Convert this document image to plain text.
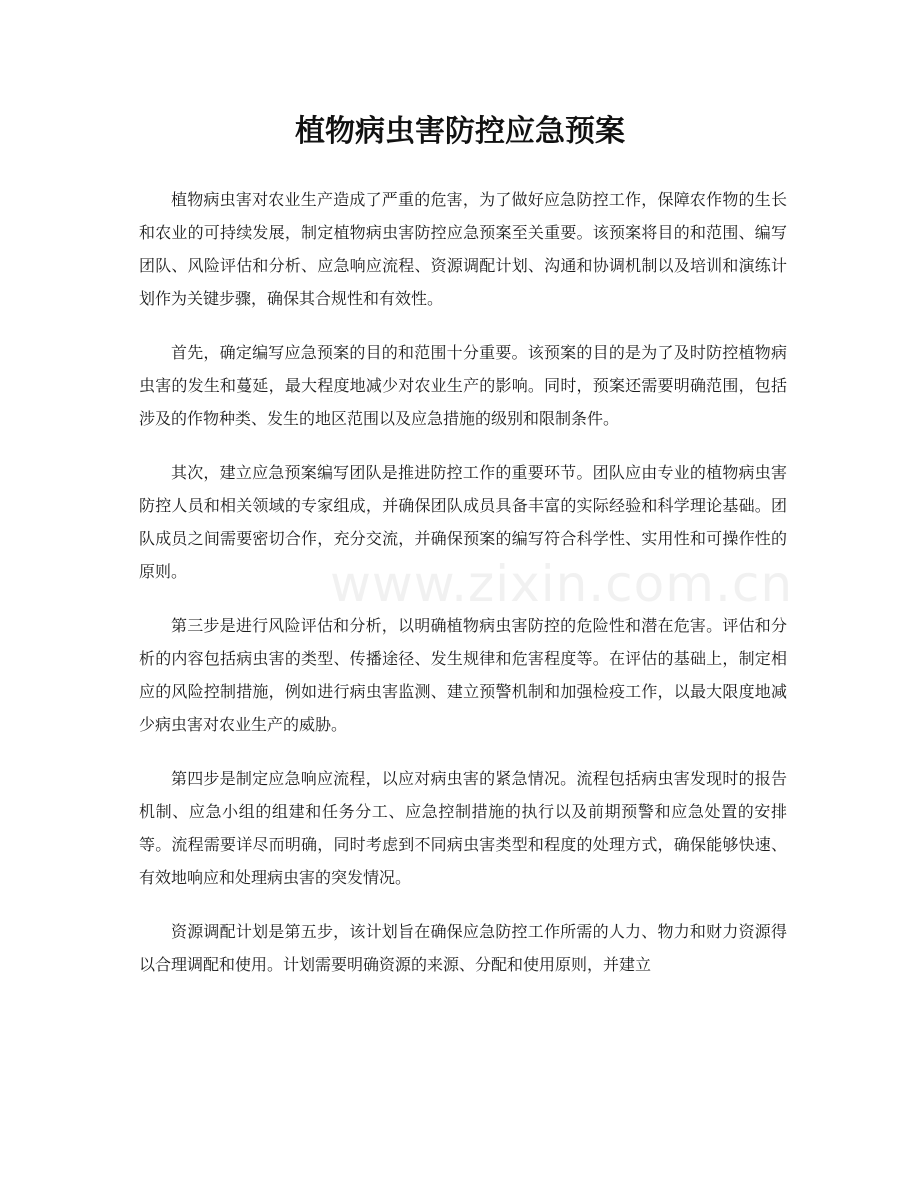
植物病虫害防控应急预案

植物病虫害对农业生产造成了严重的危害，为了做好应急防控工作，保障农作物的生长和农业的可持续发展，制定植物病虫害防控应急预案至关重要。该预案将目的和范围、编写团队、风险评估和分析、应急响应流程、资源调配计划、沟通和协调机制以及培训和演练计划作为关键步骤，确保其合规性和有效性。

首先，确定编写应急预案的目的和范围十分重要。该预案的目的是为了及时防控植物病虫害的发生和蔓延，最大程度地减少对农业生产的影响。同时，预案还需要明确范围，包括涉及的作物种类、发生的地区范围以及应急措施的级别和限制条件。

其次，建立应急预案编写团队是推进防控工作的重要环节。团队应由专业的植物病虫害防控人员和相关领域的专家组成，并确保团队成员具备丰富的实际经验和科学理论基础。团队成员之间需要密切合作，充分交流，并确保预案的编写符合科学性、实用性和可操作性的原则。

第三步是进行风险评估和分析，以明确植物病虫害防控的危险性和潜在危害。评估和分析的内容包括病虫害的类型、传播途径、发生规律和危害程度等。在评估的基础上，制定相应的风险控制措施，例如进行病虫害监测、建立预警机制和加强检疫工作，以最大限度地减少病虫害对农业生产的威胁。

第四步是制定应急响应流程，以应对病虫害的紧急情况。流程包括病虫害发现时的报告机制、应急小组的组建和任务分工、应急控制措施的执行以及前期预警和应急处置的安排等。流程需要详尽而明确，同时考虑到不同病虫害类型和程度的处理方式，确保能够快速、有效地响应和处理病虫害的突发情况。

资源调配计划是第五步，该计划旨在确保应急防控工作所需的人力、物力和财力资源得以合理调配和使用。计划需要明确资源的来源、分配和使用原则，并建立

www.zixin.com.cn
